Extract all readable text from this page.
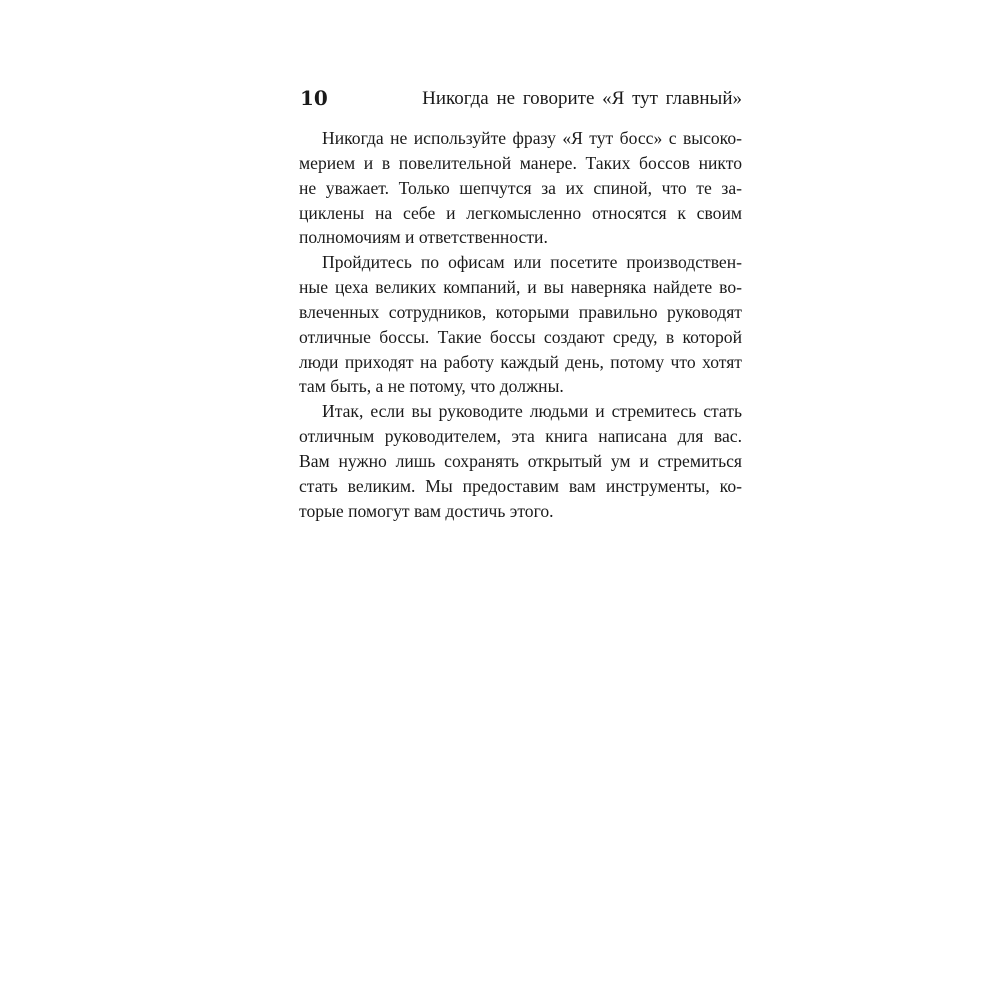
10	Никогда не говорите «Я тут главный»
Никогда не используйте фразу «Я тут босс» с высоко-
мерием и в повелительной манере. Таких боссов никто
не уважает. Только шепчутся за их спиной, что те за-
циклены на себе и легкомысленно относятся к своим
полномочиям и ответственности.
Пройдитесь по офисам или посетите производствен-
ные цеха великих компаний, и вы наверняка найдете во-
влеченных сотрудников, которыми правильно руководят
отличные боссы. Такие боссы создают среду, в которой
люди приходят на работу каждый день, потому что хотят
там быть, а не потому, что должны.
Итак, если вы руководите людьми и стремитесь стать
отличным руководителем, эта книга написана для вас.
Вам нужно лишь сохранять открытый ум и стремиться
стать великим. Мы предоставим вам инструменты, ко-
торые помогут вам достичь этого.
